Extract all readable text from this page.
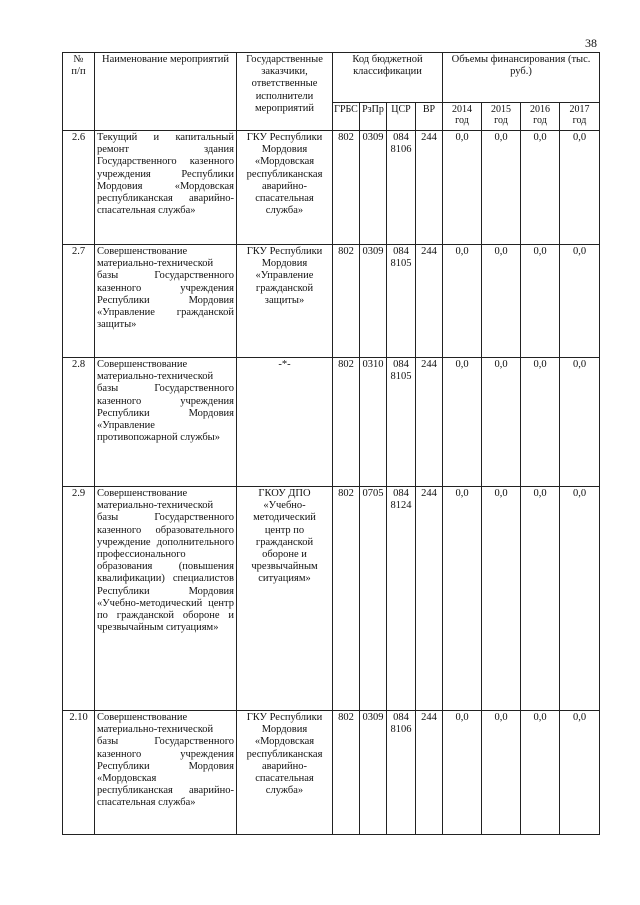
38
№
п/п	Наименование мероприятий	Государственные заказчики, ответственные исполнители мероприятий	Код бюджетной классификации				Объемы финансирования (тыс. руб.)			
			ГРБС	РзПр	ЦСР	ВР	2014 год	2015 год	2016 год	2017 год
2.6	Текущий и капитальный ремонт здания Государственного казенного учреждения Республики Мордовия «Мордовская республиканская аварийно-спасательная служба»	ГКУ Республики Мордовия «Мордовская республиканская аварийно-спасательная служба»	802	0309	084 8106	244	0,0	0,0	0,0	0,0
2.7	Совершенствование материально-технической базы Государственного казенного учреждения Республики Мордовия «Управление гражданской защиты»	ГКУ Республики Мордовия «Управление гражданской защиты»	802	0309	084 8105	244	0,0	0,0	0,0	0,0
2.8	Совершенствование материально-технической базы Государственного казенного учреждения Республики Мордовия «Управление противопожарной службы»	-*-	802	0310	084 8105	244	0,0	0,0	0,0	0,0
2.9	Совершенствование материально-технической базы Государственного казенного образовательного учреждение дополнительного профессионального образования (повышения квалификации) специалистов Республики Мордовия «Учебно-методический центр по гражданской обороне и чрезвычайным ситуациям»	ГКОУ ДПО «Учебно-методический центр по гражданской обороне и чрезвычайным ситуациям»	802	0705	084 8124	244	0,0	0,0	0,0	0,0
2.10	Совершенствование материально-технической базы Государственного казенного учреждения Республики Мордовия «Мордовская республиканская аварийно-спасательная служба»	ГКУ Республики Мордовия «Мордовская республиканская аварийно-спасательная служба»	802	0309	084 8106	244	0,0	0,0	0,0	0,0
